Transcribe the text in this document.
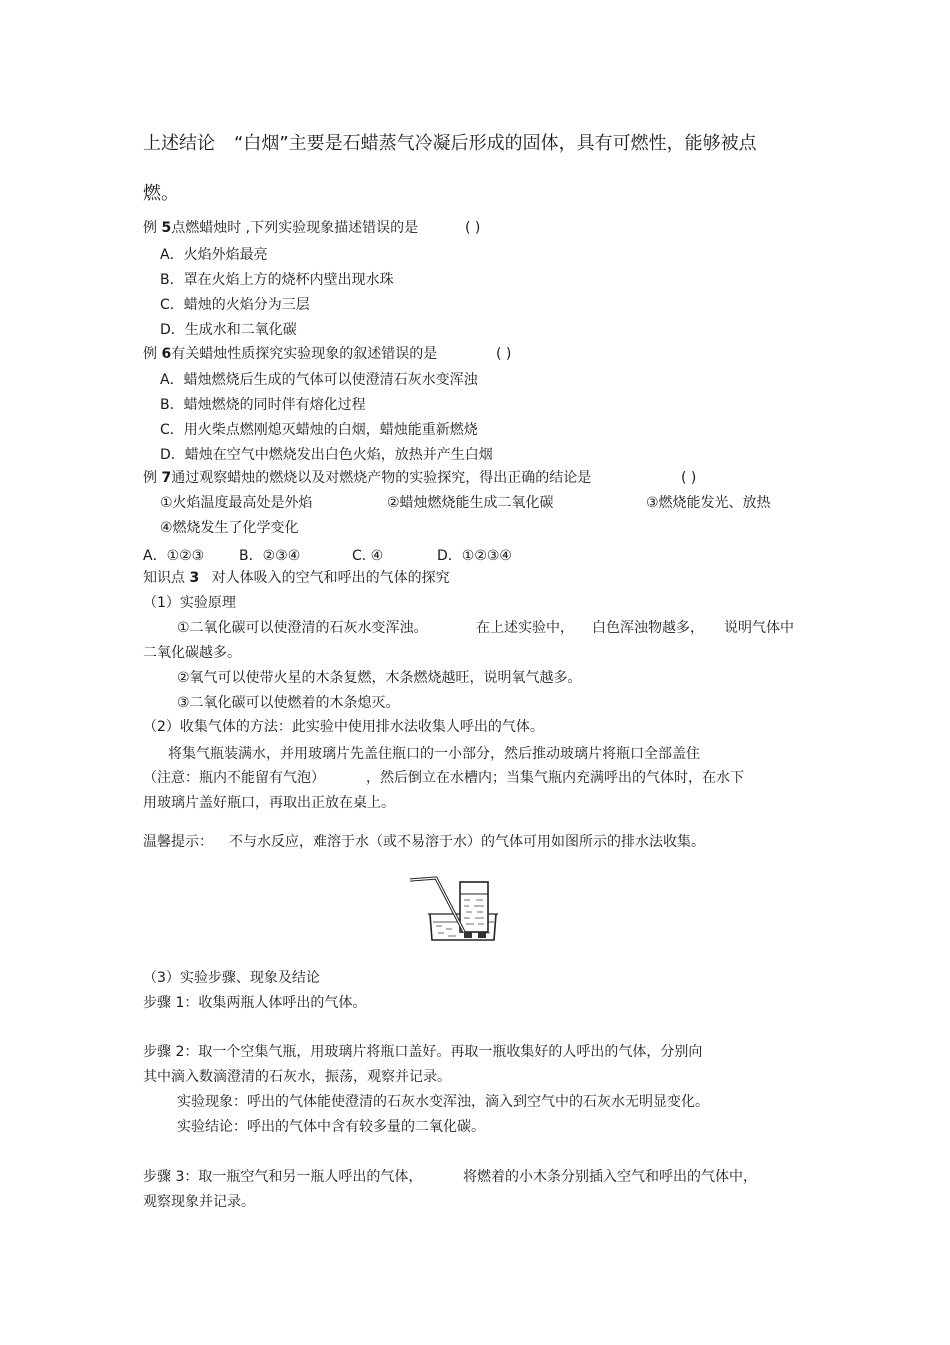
上述结论 “白烟”主要是石蜡蒸气冷凝后形成的固体，具有可燃性，能够被点
燃。
例 5点燃蜡烛时 ,下列实验现象描述错误的是	( )
A．火焰外焰最亮
B．罩在火焰上方的烧杯内壁出现水珠
C．蜡烛的火焰分为三层
D．生成水和二氧化碳
例 6有关蜡烛性质探究实验现象的叙述错误的是	( )
A．蜡烛燃烧后生成的气体可以使澄清石灰水变浑浊
B．蜡烛燃烧的同时伴有熔化过程
C．用火柴点燃刚熄灭蜡烛的白烟，蜡烛能重新燃烧
D．蜡烛在空气中燃烧发出白色火焰，放热并产生白烟
例 7通过观察蜡烛的燃烧以及对燃烧产物的实验探究，得出正确的结论是	( )
①火焰温度最高处是外焰	②蜡烛燃烧能生成二氧化碳	③燃烧能发光、放热
④燃烧发生了化学变化
A．①②③ B．②③④	C. ④	D．①②③④
知识点 3 对人体吸入的空气和呼出的气体的探究
（1）实验原理
①二氧化碳可以使澄清的石灰水变浑浊。	在上述实验中， 白色浑浊物越多， 说明气体中
二氧化碳越多。
②氧气可以使带火星的木条复燃，木条燃烧越旺，说明氧气越多。
③二氧化碳可以使燃着的木条熄灭。
（2）收集气体的方法：此实验中使用排水法收集人呼出的气体。
将集气瓶装满水，并用玻璃片先盖住瓶口的一小部分，然后推动玻璃片将瓶口全部盖住
（注意：瓶内不能留有气泡）	，然后倒立在水槽内；当集气瓶内充满呼出的气体时，在水下
用玻璃片盖好瓶口，再取出正放在桌上。
温馨提示： 不与水反应，难溶于水（或不易溶于水）的气体可用如图所示的排水法收集。
（3）实验步骤、现象及结论
步骤 1：收集两瓶人体呼出的气体。
步骤 2：取一个空集气瓶，用玻璃片将瓶口盖好。再取一瓶收集好的人呼出的气体，分别向
其中滴入数滴澄清的石灰水，振荡，观察并记录。
实验现象：呼出的气体能使澄清的石灰水变浑浊，滴入到空气中的石灰水无明显变化。
实验结论：呼出的气体中含有较多量的二氧化碳。
步骤 3：取一瓶空气和另一瓶人呼出的气体，	将燃着的小木条分别插入空气和呼出的气体中，
观察现象并记录。
